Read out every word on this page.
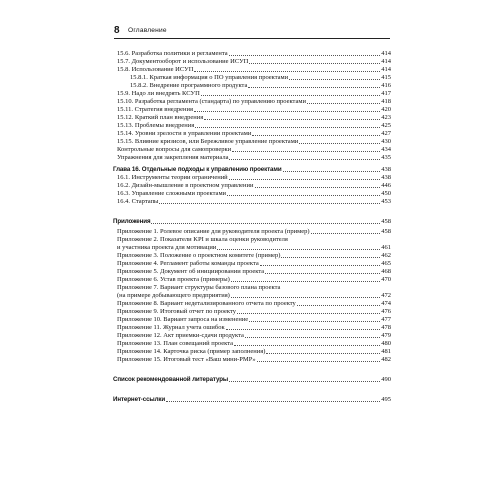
8 Оглавление
15.6. Разработка политики и регламента	414
15.7. Документооборот и использование ИСУП	414
15.8. Использование ИСУП	414
15.8.1. Краткая информация о ПО управления проектами	415
15.8.2. Внедрение программного продукта	416
15.9. Надо ли внедрять КСУП	417
15.10. Разработка регламента (стандарта) по управлению проектами	418
15.11. Стратегия внедрения	420
15.12. Краткий план внедрения	423
15.13. Проблемы внедрения	425
15.14. Уровни зрелости в управлении проектами	427
15.15. Влияние кризисов, или Бережливое управление проектами	430
Контрольные вопросы для самопроверки	434
Упражнения для закрепления материала	435
Глава 16. Отдельные подходы к управлению проектами	438
16.1. Инструменты теории ограничений	438
16.2. Дизайн-мышление в проектном управлении	446
16.3. Управление сложными проектами	450
16.4. Стартапы	453
Приложения	458
Приложение 1. Ролевое описание для руководителя проекта (пример)	458
Приложение 2. Показатели KPI и шкала оценки руководителя
и участника проекта для мотивации	461
Приложение 3. Положение о проектном комитете (пример)	462
Приложение 4. Регламент работы команды проекта	465
Приложение 5. Документ об инициировании проекта	468
Приложение 6. Устав проекта (примеры)	470
Приложение 7. Вариант структуры базового плана проекта
(на примере добывающего предприятия)	472
Приложение 8. Вариант недетализированного отчета по проекту	474
Приложение 9. Итоговый отчет по проекту	476
Приложение 10. Вариант запроса на изменение	477
Приложение 11. Журнал учета ошибок	478
Приложение 12. Акт приемки-сдачи продукта	479
Приложение 13. План совещаний проекта	480
Приложение 14. Карточка риска (пример заполнения)	481
Приложение 15. Итоговый тест «Ваш мини-PMP»	482
Список рекомендованной литературы	490
Интернет-ссылки	495
